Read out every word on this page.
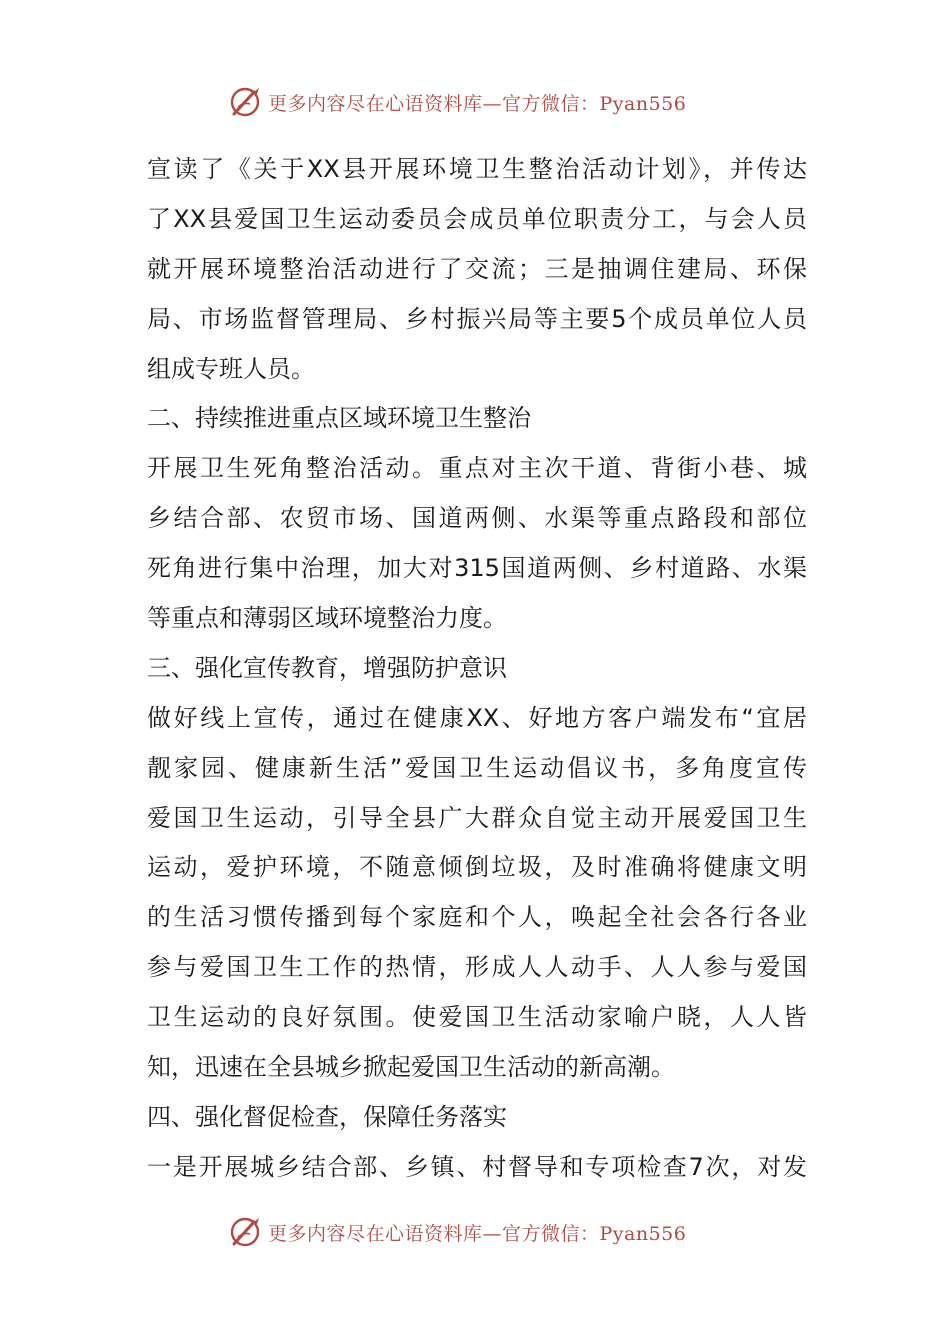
更多内容尽在心语资料库—官方微信：Pyan556
宣读了《关于XX县开展环境卫生整治活动计划》，并传达
了XX县爱国卫生运动委员会成员单位职责分工，与会人员
就开展环境整治活动进行了交流；三是抽调住建局、环保
局、市场监督管理局、乡村振兴局等主要5个成员单位人员
组成专班人员。
二、持续推进重点区域环境卫生整治
开展卫生死角整治活动。重点对主次干道、背街小巷、城
乡结合部、农贸市场、国道两侧、水渠等重点路段和部位
死角进行集中治理，加大对315国道两侧、乡村道路、水渠
等重点和薄弱区域环境整治力度。
三、强化宣传教育，增强防护意识
做好线上宣传，通过在健康XX、好地方客户端发布“宜居
靓家园、健康新生活”爱国卫生运动倡议书，多角度宣传
爱国卫生运动，引导全县广大群众自觉主动开展爱国卫生
运动，爱护环境，不随意倾倒垃圾，及时准确将健康文明
的生活习惯传播到每个家庭和个人，唤起全社会各行各业
参与爱国卫生工作的热情，形成人人动手、人人参与爱国
卫生运动的良好氛围。使爱国卫生活动家喻户晓，人人皆
知，迅速在全县城乡掀起爱国卫生活动的新高潮。
四、强化督促检查，保障任务落实
一是开展城乡结合部、乡镇、村督导和专项检查7次，对发
更多内容尽在心语资料库—官方微信：Pyan556
